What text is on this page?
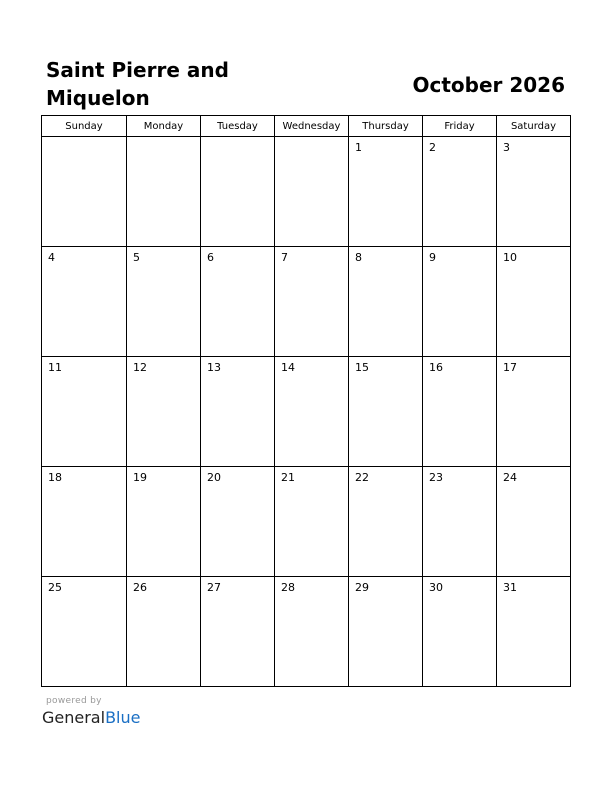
Saint Pierre and Miquelon
October 2026
Sunday	Monday	Tuesday	Wednesday	Thursday	Friday	Saturday

				1	2	3

4	5	6	7	8	9	10

11	12	13	14	15	16	17

18	19	20	21	22	23	24

25	26	27	28	29	30	31
powered by
GeneralBlue
